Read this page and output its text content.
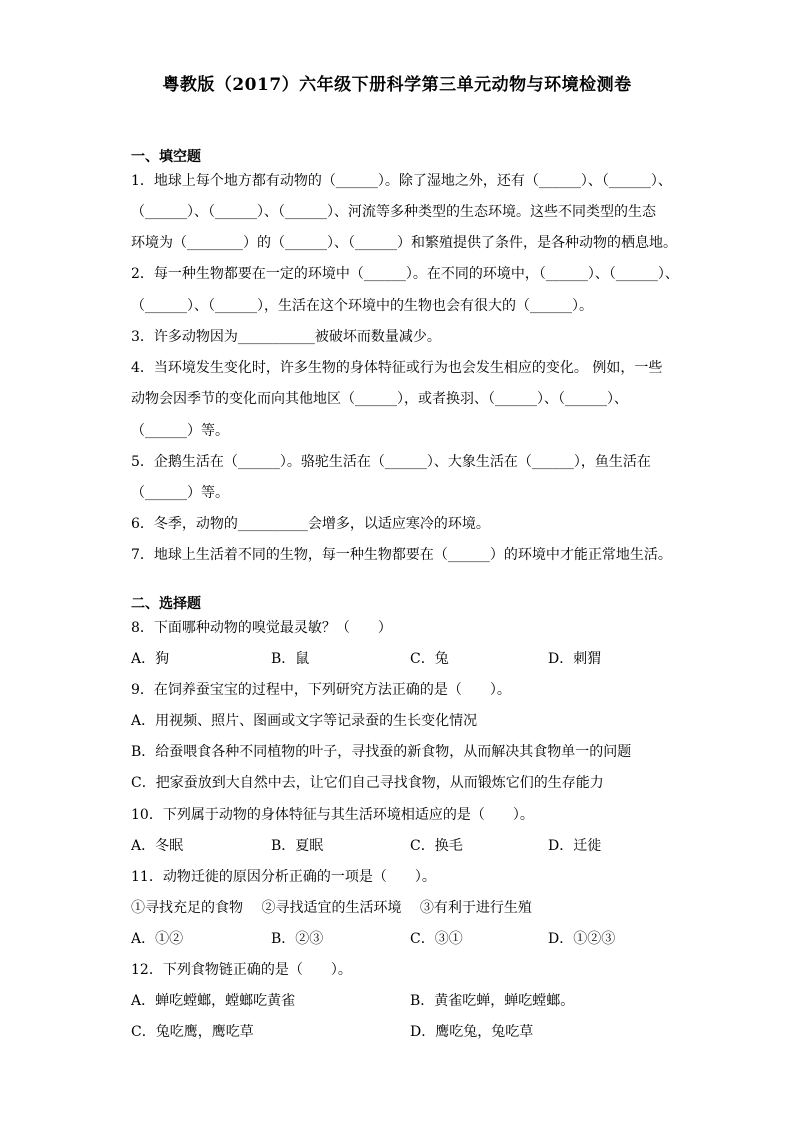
粤教版（2017）六年级下册科学第三单元动物与环境检测卷
一、填空题
1．地球上每个地方都有动物的（______）。除了湿地之外，还有（______）、（______）、
（______）、（______）、（______）、河流等多种类型的生态环境。这些不同类型的生态
环境为（________）的（______）、（______）和繁殖提供了条件，是各种动物的栖息地。
2．每一种生物都要在一定的环境中（______）。在不同的环境中，（______）、（______）、
（______）、（______），生活在这个环境中的生物也会有很大的（______）。
3．许多动物因为___________被破坏而数量减少。
4．当环境发生变化时，许多生物的身体特征或行为也会发生相应的变化。 例如，一些
动物会因季节的变化而向其他地区（______），或者换羽、（______）、（______）、
（______）等。
5．企鹅生活在（______）。骆驼生活在（______）、大象生活在（______），鱼生活在
（______）等。
6．冬季，动物的__________会增多，以适应寒冷的环境。
7．地球上生活着不同的生物，每一种生物都要在（______）的环境中才能正常地生活。
二、选择题
8．下面哪种动物的嗅觉最灵敏？（　　）
A．狗	B．鼠	C．兔	D．刺猬
9．在饲养蚕宝宝的过程中，下列研究方法正确的是（　　）。
A．用视频、照片、图画或文字等记录蚕的生长变化情况
B．给蚕喂食各种不同植物的叶子，寻找蚕的新食物，从而解决其食物单一的问题
C．把家蚕放到大自然中去，让它们自己寻找食物，从而锻炼它们的生存能力
10．下列属于动物的身体特征与其生活环境相适应的是（　　）。
A．冬眠	B．夏眠	C．换毛	D．迁徙
11．动物迁徙的原因分析正确的一项是（　　）。
①寻找充足的食物　 ②寻找适宜的生活环境　 ③有利于进行生殖
A．①②	B．②③	C．③①	D．①②③
12．下列食物链正确的是（　　）。
A．蝉吃螳螂，螳螂吃黄雀	B．黄雀吃蝉，蝉吃螳螂。
C．兔吃鹰，鹰吃草	D．鹰吃兔，兔吃草
